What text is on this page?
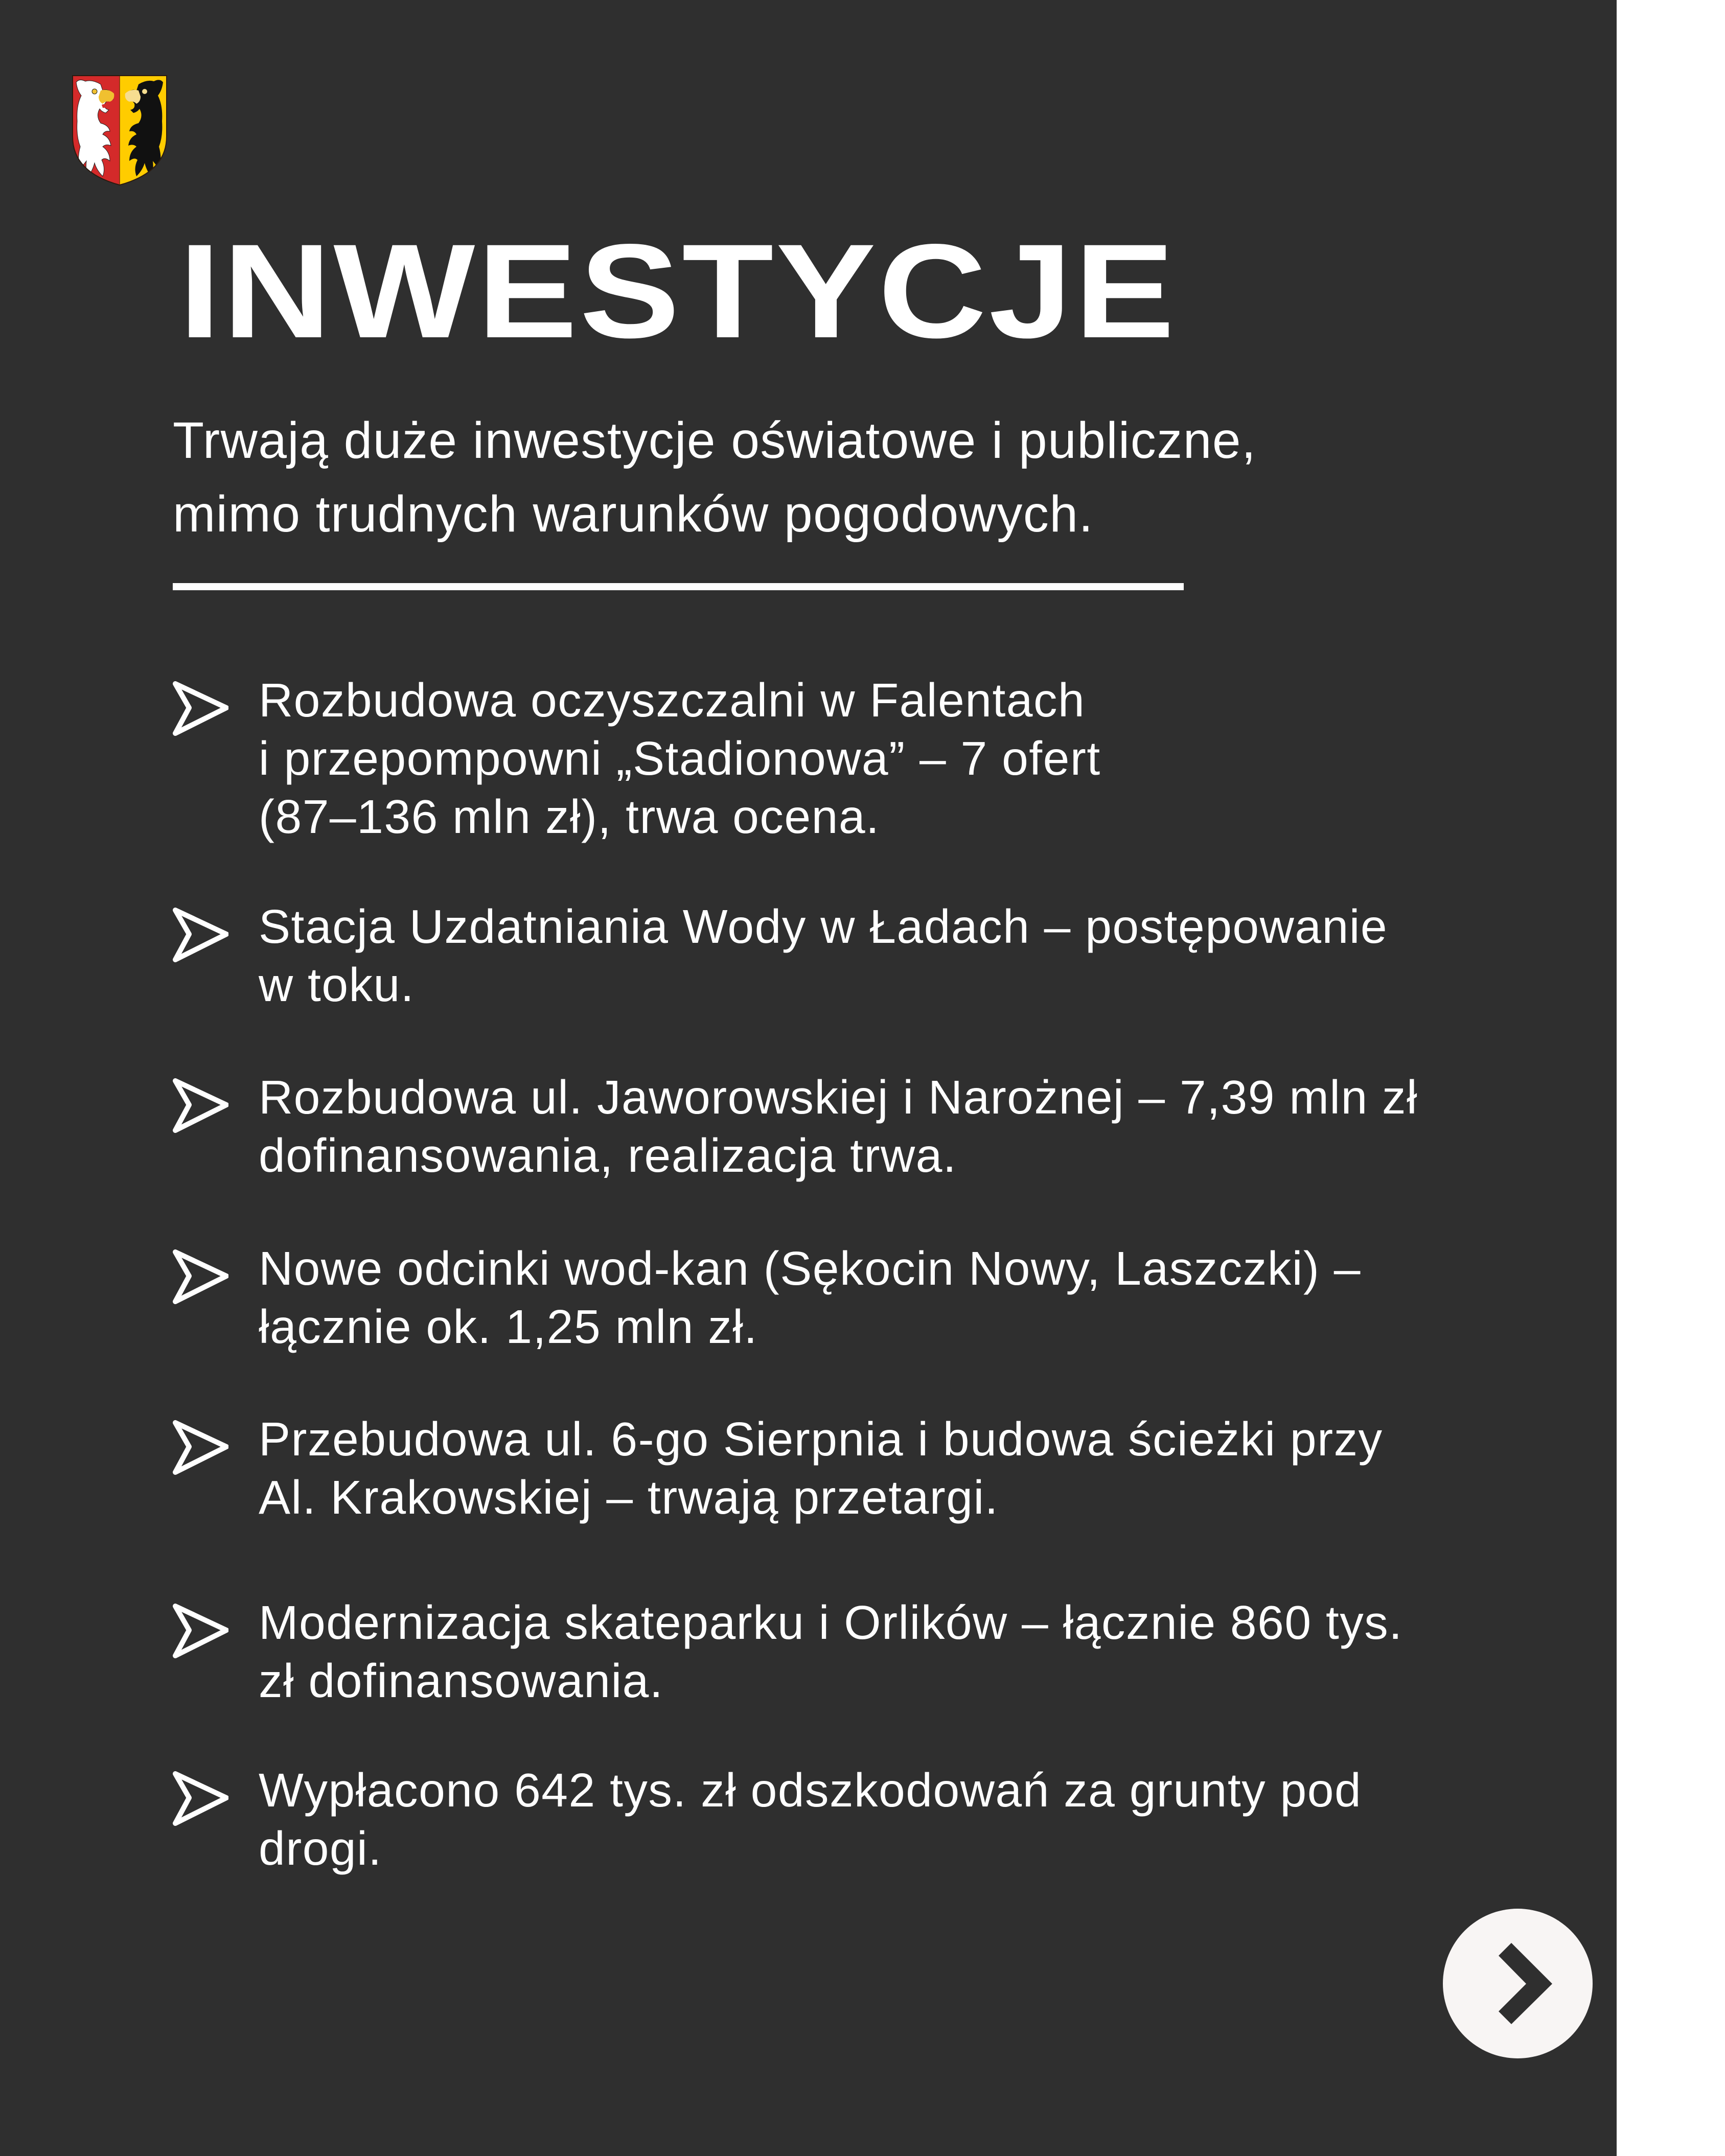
INWESTYCJE

Trwają duże inwestycje oświatowe i publiczne,
mimo trudnych warunków pogodowych.

Rozbudowa oczyszczalni w Falentach
i przepompowni „Stadionowa” – 7 ofert
(87–136 mln zł), trwa ocena.
Stacja Uzdatniania Wody w Ładach – postępowanie
w toku.
Rozbudowa ul. Jaworowskiej i Narożnej – 7,39 mln zł
dofinansowania, realizacja trwa.
Nowe odcinki wod-kan (Sękocin Nowy, Laszczki) –
łącznie ok. 1,25 mln zł.
Przebudowa ul. 6-go Sierpnia i budowa ścieżki przy
Al. Krakowskiej – trwają przetargi.
Modernizacja skateparku i Orlików – łącznie 860 tys.
zł dofinansowania.
Wypłacono 642 tys. zł odszkodowań za grunty pod
drogi.
